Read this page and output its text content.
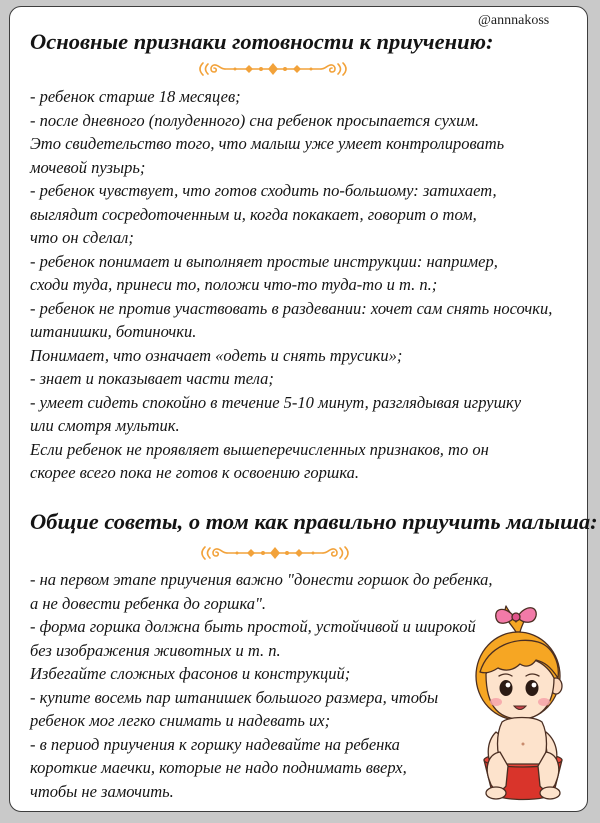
@annnakoss
Основные признаки готовности к приучению:
- ребенок старше 18 месяцев;
- после дневного (полуденного) сна ребенок просыпается сухим.
Это свидетельство того, что малыш уже умеет контролировать
мочевой пузырь;
- ребенок чувствует, что готов сходить по-большому: затихает,
выглядит сосредоточенным и, когда покакает, говорит о том,
что он сделал;
- ребенок понимает и выполняет простые инструкции: например,
сходи туда, принеси то, положи что-то туда-то и т. п.;
- ребенок не против участвовать в раздевании: хочет сам снять носочки,
штанишки, ботиночки.
Понимает, что означает «одеть и снять трусики»;
- знает и показывает части тела;
- умеет сидеть спокойно в течение 5-10 минут, разглядывая игрушку
или смотря мультик.
Если ребенок не проявляет вышеперечисленных признаков, то он
скорее всего пока не готов к освоению горшка.
Общие советы, о том как правильно приучить малыша:
- на первом этапе приучения важно "донести горшок до ребенка,
а не довести ребенка до горшка".
- форма горшка должна быть простой, устойчивой и широкой
без изображения животных и т. п.
Избегайте сложных фасонов и конструкций;
- купите восемь пар штанишек большого размера, чтобы
ребенок мог легко снимать и надевать их;
- в период приучения к горшку надевайте на ребенка
короткие маечки, которые не надо поднимать вверх,
чтобы не замочить.
